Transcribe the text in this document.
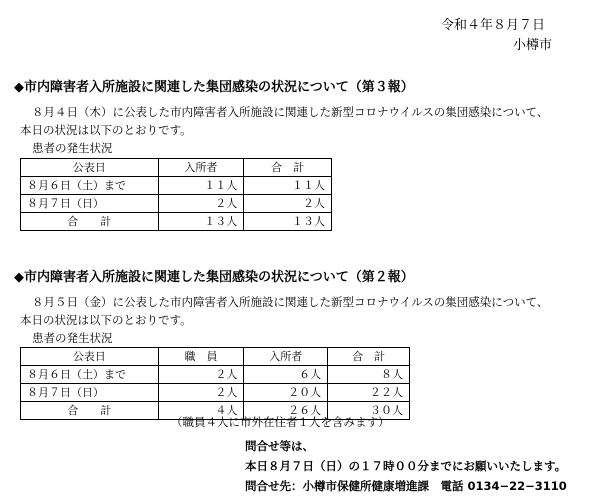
令和４年８月７日
小樽市
◆市内障害者入所施設に関連した集団感染の状況について（第３報）
８月４日（木）に公表した市内障害者入所施設に関連した新型コロナウイルスの集団感染について、
本日の状況は以下のとおりです。
患者の発生状況
公表日	入所者	合　計
８月６日（土）まで	１１人	１１人
８月７日（日）	２人	２人
合　　計	１３人	１３人
◆市内障害者入所施設に関連した集団感染の状況について（第２報）
８月５日（金）に公表した市内障害者入所施設に関連した新型コロナウイルスの集団感染について、
本日の状況は以下のとおりです。
患者の発生状況
公表日	職　員	入所者	合　計
８月６日（土）まで	２人	６人	８人
８月７日（日）	２人	２０人	２２人
合　　計	４人	２６人	３０人
（職員４人に市外在住者１人を含みます）
問合せ等は、
本日８月７日（日）の１７時００分までにお願いいたします。
問合せ先：小樽市保健所健康増進課　電話 0134−22−3110
